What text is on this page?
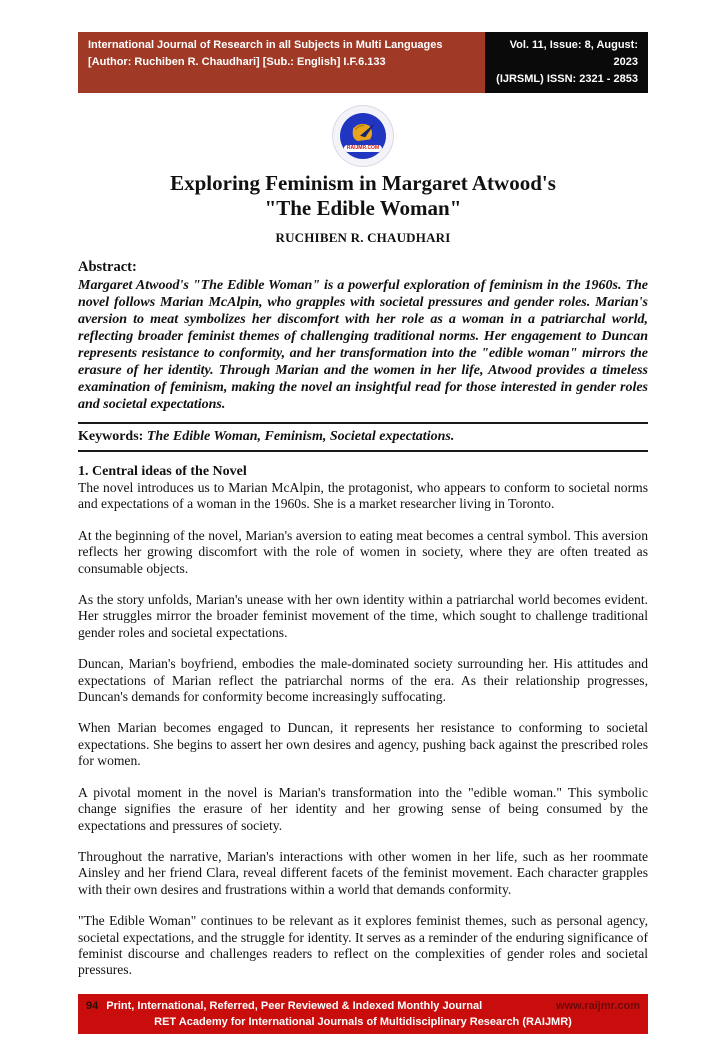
International Journal of Research in all Subjects in Multi Languages
[Author: Ruchiben R. Chaudhari] [Sub.: English] I.F.6.133
Vol. 11, Issue: 8, August: 2023
(IJRSML) ISSN: 2321 - 2853
RAIJMR.COM
Exploring Feminism in Margaret Atwood's
"The Edible Woman"
RUCHIBEN R. CHAUDHARI
Abstract:

Margaret Atwood's "The Edible Woman" is a powerful exploration of feminism in the 1960s. The novel follows Marian McAlpin, who grapples with societal pressures and gender roles. Marian's aversion to meat symbolizes her discomfort with her role as a woman in a patriarchal world, reflecting broader feminist themes of challenging traditional norms. Her engagement to Duncan represents resistance to conformity, and her transformation into the "edible woman" mirrors the erasure of her identity. Through Marian and the women in her life, Atwood provides a timeless examination of feminism, making the novel an insightful read for those interested in gender roles and societal expectations.

Keywords: The Edible Woman, Feminism, Societal expectations.
1. Central ideas of the Novel

The novel introduces us to Marian McAlpin, the protagonist, who appears to conform to societal norms and expectations of a woman in the 1960s. She is a market researcher living in Toronto.

At the beginning of the novel, Marian's aversion to eating meat becomes a central symbol. This aversion reflects her growing discomfort with the role of women in society, where they are often treated as consumable objects.

As the story unfolds, Marian's unease with her own identity within a patriarchal world becomes evident. Her struggles mirror the broader feminist movement of the time, which sought to challenge traditional gender roles and societal expectations.

Duncan, Marian's boyfriend, embodies the male-dominated society surrounding her. His attitudes and expectations of Marian reflect the patriarchal norms of the era. As their relationship progresses, Duncan's demands for conformity become increasingly suffocating.

When Marian becomes engaged to Duncan, it represents her resistance to conforming to societal expectations. She begins to assert her own desires and agency, pushing back against the prescribed roles for women.

A pivotal moment in the novel is Marian's transformation into the "edible woman." This symbolic change signifies the erasure of her identity and her growing sense of being consumed by the expectations and pressures of society.

Throughout the narrative, Marian's interactions with other women in her life, such as her roommate Ainsley and her friend Clara, reveal different facets of the feminist movement. Each character grapples with their own desires and frustrations within a world that demands conformity.

"The Edible Woman" continues to be relevant as it explores feminist themes, such as personal agency, societal expectations, and the struggle for identity. It serves as a reminder of the enduring significance of feminist discourse and challenges readers to reflect on the complexities of gender roles and societal pressures.

94 Print, International, Referred, Peer Reviewed & Indexed Monthly Journal	www.raijmr.com
RET Academy for International Journals of Multidisciplinary Research (RAIJMR)
